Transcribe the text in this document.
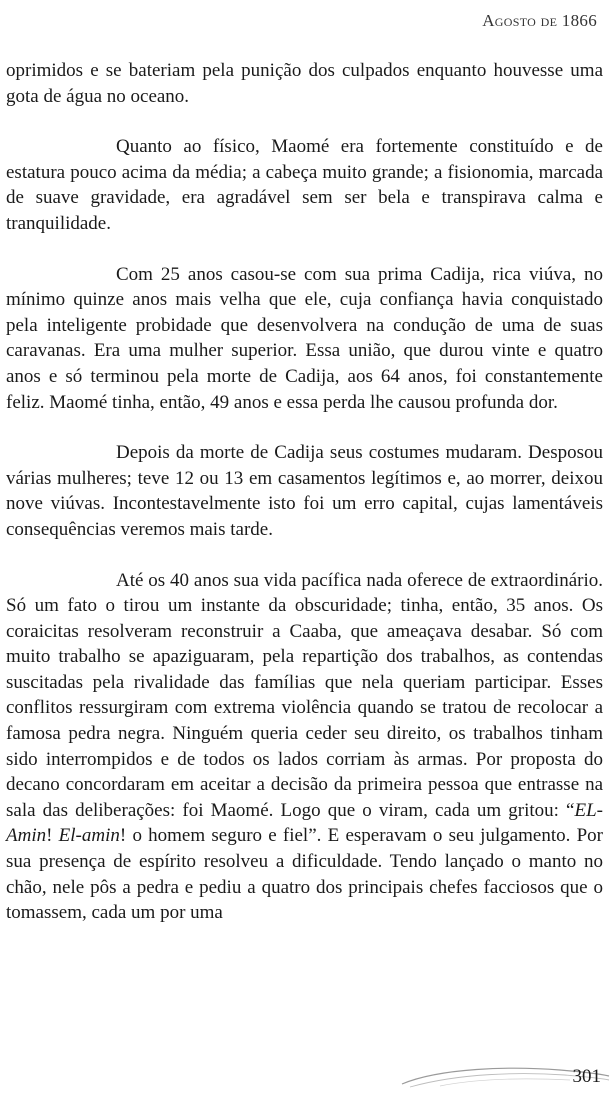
Agosto de 1866

oprimidos e se bateriam pela punição dos culpados enquanto houvesse uma gota de água no oceano.

Quanto ao físico, Maomé era fortemente constituído e de estatura pouco acima da média; a cabeça muito grande; a fisionomia, marcada de suave gravidade, era agradável sem ser bela e transpirava calma e tranquilidade.

Com 25 anos casou-se com sua prima Cadija, rica viúva, no mínimo quinze anos mais velha que ele, cuja confiança havia conquistado pela inteligente probidade que desenvolvera na condução de uma de suas caravanas. Era uma mulher superior. Essa união, que durou vinte e quatro anos e só terminou pela morte de Cadija, aos 64 anos, foi constantemente feliz. Maomé tinha, então, 49 anos e essa perda lhe causou profunda dor.

Depois da morte de Cadija seus costumes mudaram. Desposou várias mulheres; teve 12 ou 13 em casamentos legítimos e, ao morrer, deixou nove viúvas. Incontestavelmente isto foi um erro capital, cujas lamentáveis consequências veremos mais tarde.

Até os 40 anos sua vida pacífica nada oferece de extraordinário. Só um fato o tirou um instante da obscuridade; tinha, então, 35 anos. Os coraicitas resolveram reconstruir a Caaba, que ameaçava desabar. Só com muito trabalho se apaziguaram, pela repartição dos trabalhos, as contendas suscitadas pela rivalidade das famílias que nela queriam participar. Esses conflitos ressurgiram com extrema violência quando se tratou de recolocar a famosa pedra negra. Ninguém queria ceder seu direito, os trabalhos tinham sido interrompidos e de todos os lados corriam às armas. Por proposta do decano concordaram em aceitar a decisão da primeira pessoa que entrasse na sala das deliberações: foi Maomé. Logo que o viram, cada um gritou: “EL-Amin! El-amin! o homem seguro e fiel”. E esperavam o seu julgamento. Por sua presença de espírito resolveu a dificuldade. Tendo lançado o manto no chão, nele pôs a pedra e pediu a quatro dos principais chefes facciosos que o tomassem, cada um por uma

301
